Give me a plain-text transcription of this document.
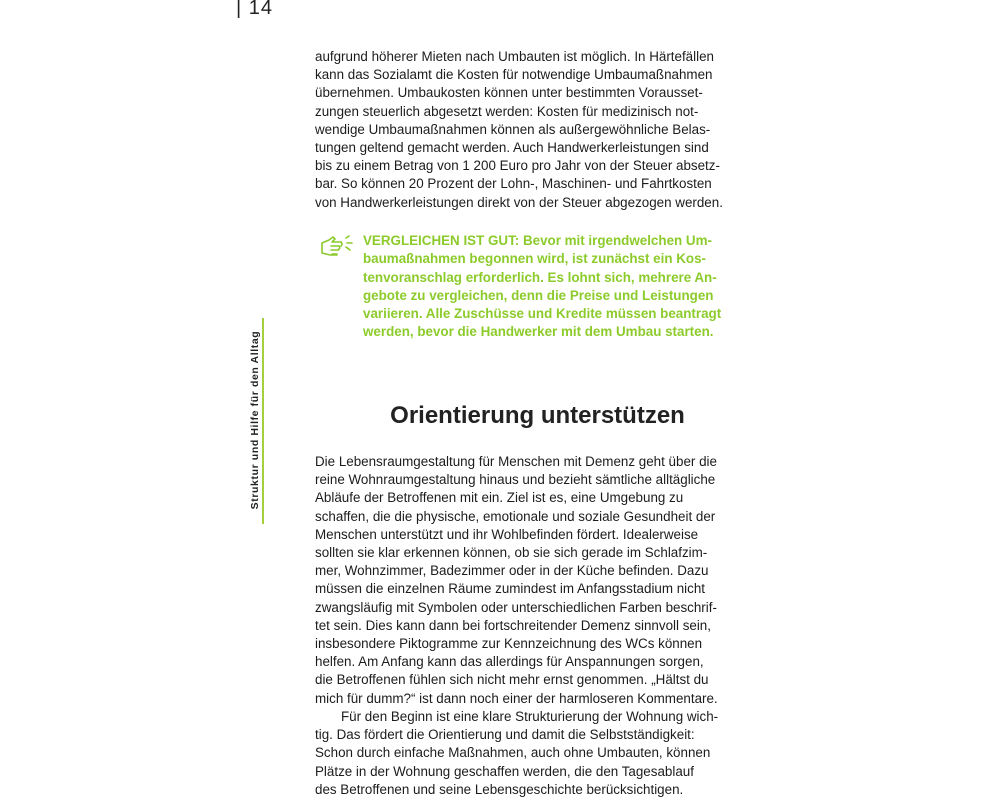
| 14
Struktur und Hilfe für den Alltag

aufgrund höherer Mieten nach Umbauten ist möglich. In Härtefällen
kann das Sozialamt die Kosten für notwendige Umbaumaßnahmen
übernehmen. Umbaukosten können unter bestimmten Vorausset-
zungen steuerlich abgesetzt werden: Kosten für medizinisch not-
wendige Umbaumaßnahmen können als außergewöhnliche Belas-
tungen geltend gemacht werden. Auch Handwerkerleistungen sind
bis zu einem Betrag von 1 200 Euro pro Jahr von der Steuer absetz-
bar. So können 20 Prozent der Lohn-, Maschinen- und Fahrtkosten
von Handwerkerleistungen direkt von der Steuer abgezogen werden.

VERGLEICHEN IST GUT: Bevor mit irgendwelchen Um-
baumaßnahmen begonnen wird, ist zunächst ein Kos-
tenvoranschlag erforderlich. Es lohnt sich, mehrere An-
gebote zu vergleichen, denn die Preise und Leistungen
variieren. Alle Zuschüsse und Kredite müssen beantragt
werden, bevor die Handwerker mit dem Umbau starten.

Orientierung unterstützen

Die Lebensraumgestaltung für Menschen mit Demenz geht über die
reine Wohnraumgestaltung hinaus und bezieht sämtliche alltägliche
Abläufe der Betroffenen mit ein. Ziel ist es, eine Umgebung zu
schaffen, die die physische, emotionale und soziale Gesundheit der
Menschen unterstützt und ihr Wohlbefinden fördert. Idealerweise
sollten sie klar erkennen können, ob sie sich gerade im Schlafzim-
mer, Wohnzimmer, Badezimmer oder in der Küche befinden. Dazu
müssen die einzelnen Räume zumindest im Anfangsstadium nicht
zwangsläufig mit Symbolen oder unterschiedlichen Farben beschrif-
tet sein. Dies kann dann bei fortschreitender Demenz sinnvoll sein,
insbesondere Piktogramme zur Kennzeichnung des WCs können
helfen. Am Anfang kann das allerdings für Anspannungen sorgen,
die Betroffenen fühlen sich nicht mehr ernst genommen. „Hältst du
mich für dumm?“ ist dann noch einer der harmloseren Kommentare.

Für den Beginn ist eine klare Strukturierung der Wohnung wich-
tig. Das fördert die Orientierung und damit die Selbstständigkeit:
Schon durch einfache Maßnahmen, auch ohne Umbauten, können
Plätze in der Wohnung geschaffen werden, die den Tagesablauf
des Betroffenen und seine Lebensgeschichte berücksichtigen.
